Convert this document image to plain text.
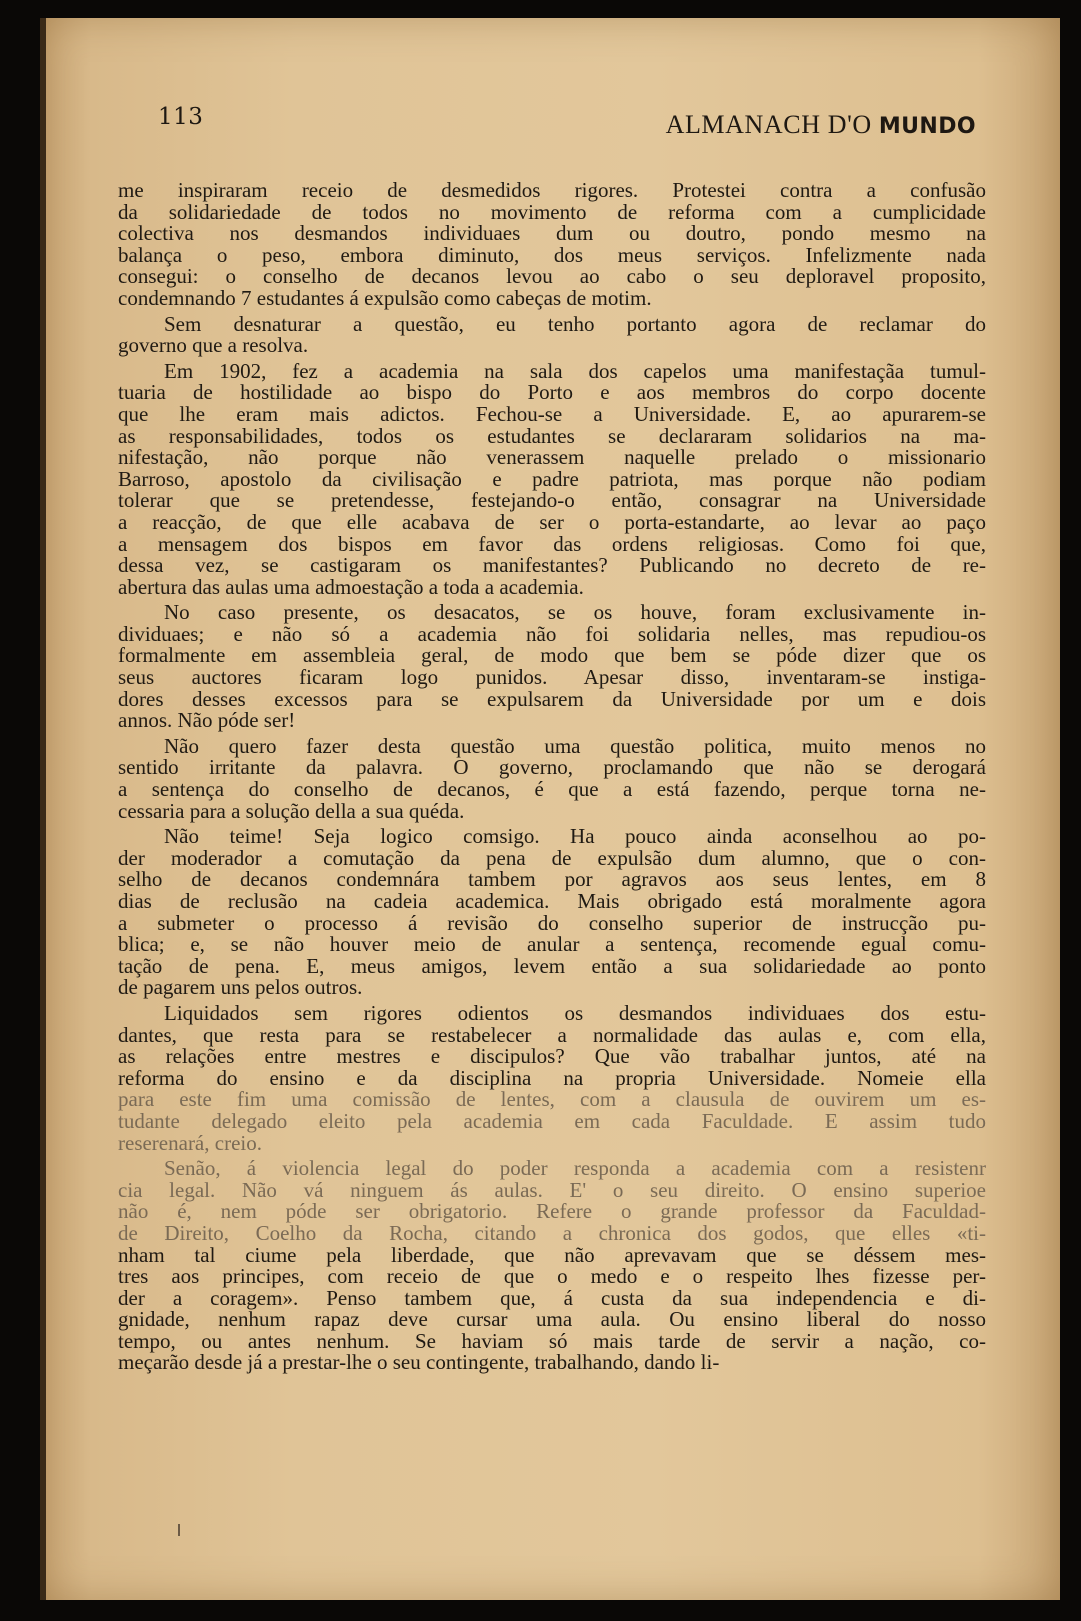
113	ALMANACH D'O MUNDO
me inspiraram receio de desmedidos rigores. Protestei contra a confusão
da solidariedade de todos no movimento de reforma com a cumplicidade
colectiva nos desmandos individuaes dum ou doutro, pondo mesmo na
balança o peso, embora diminuto, dos meus serviços. Infelizmente nada
consegui: o conselho de decanos levou ao cabo o seu deploravel proposito,
condemnando 7 estudantes á expulsão como cabeças de motim.
Sem desnaturar a questão, eu tenho portanto agora de reclamar do
governo que a resolva.
Em 1902, fez a academia na sala dos capelos uma manifestaçãa tumul-
tuaria de hostilidade ao bispo do Porto e aos membros do corpo docente
que lhe eram mais adictos. Fechou-se a Universidade. E, ao apurarem-se
as responsabilidades, todos os estudantes se declararam solidarios na ma-
nifestação, não porque não venerassem naquelle prelado o missionario
Barroso, apostolo da civilisação e padre patriota, mas porque não podiam
tolerar que se pretendesse, festejando-o então, consagrar na Universidade
a reacção, de que elle acabava de ser o porta-estandarte, ao levar ao paço
a mensagem dos bispos em favor das ordens religiosas. Como foi que,
dessa vez, se castigaram os manifestantes? Publicando no decreto de re-
abertura das aulas uma admoestação a toda a academia.
No caso presente, os desacatos, se os houve, foram exclusivamente in-
dividuaes; e não só a academia não foi solidaria nelles, mas repudiou-os
formalmente em assembleia geral, de modo que bem se póde dizer que os
seus auctores ficaram logo punidos. Apesar disso, inventaram-se instiga-
dores desses excessos para se expulsarem da Universidade por um e dois
annos. Não póde ser!
Não quero fazer desta questão uma questão politica, muito menos no
sentido irritante da palavra. O governo, proclamando que não se derogará
a sentença do conselho de decanos, é que a está fazendo, perque torna ne-
cessaria para a solução della a sua quéda.
Não teime! Seja logico comsigo. Ha pouco ainda aconselhou ao po-
der moderador a comutação da pena de expulsão dum alumno, que o con-
selho de decanos condemnára tambem por agravos aos seus lentes, em 8
dias de reclusão na cadeia academica. Mais obrigado está moralmente agora
a submeter o processo á revisão do conselho superior de instrucção pu-
blica; e, se não houver meio de anular a sentença, recomende egual comu-
tação de pena. E, meus amigos, levem então a sua solidariedade ao ponto
de pagarem uns pelos outros.
Liquidados sem rigores odientos os desmandos individuaes dos estu-
dantes, que resta para se restabelecer a normalidade das aulas e, com ella,
as relações entre mestres e discipulos? Que vão trabalhar juntos, até na
reforma do ensino e da disciplina na propria Universidade. Nomeie ella
para este fim uma comissão de lentes, com a clausula de ouvirem um es-
tudante delegado eleito pela academia em cada Faculdade. E assim tudo
reserenará, creio.
Senão, á violencia legal do poder responda a academia com a resistenr
cia legal. Não vá ninguem ás aulas. E' o seu direito. O ensino superioe
não é, nem póde ser obrigatorio. Refere o grande professor da Faculdad-
de Direito, Coelho da Rocha, citando a chronica dos godos, que elles «ti-
nham tal ciume pela liberdade, que não aprevavam que se déssem mes-
tres aos principes, com receio de que o medo e o respeito lhes fizesse per-
der a coragem». Penso tambem que, á custa da sua independencia e di-
gnidade, nenhum rapaz deve cursar uma aula. Ou ensino liberal do nosso
tempo, ou antes nenhum. Se haviam só mais tarde de servir a nação, co-
meçarão desde já a prestar-lhe o seu contingente, trabalhando, dando li-
